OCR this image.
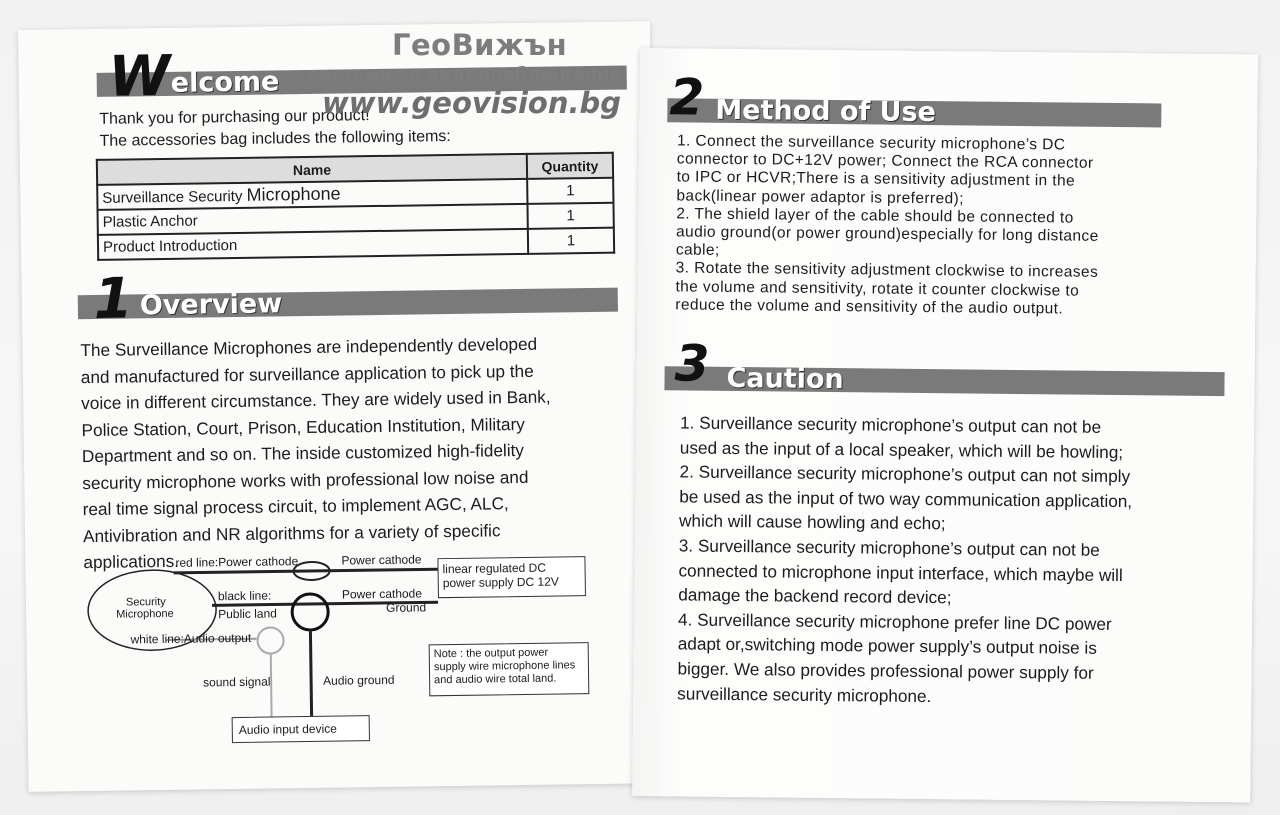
W elcome
Thank you for purchasing our product!
The accessories bag includes the following items:
Name	Quantity
Surveillance Security Microphone	1
Plastic Anchor	1
Product Introduction	1
1 Overview
The Surveillance Microphones are independently developed
and manufactured for surveillance application to pick up the
voice in different circumstance. They are widely used in Bank,
Police Station, Court, Prison, Education Institution, Military
Department and so on. The inside customized high-fidelity
security microphone works with professional low noise and
real time signal process circuit, to implement AGC, ALC,
Antivibration and NR algorithms for a variety of specific
applications.
Security
Microphone
red line:Power cathode	Power cathode
black line:
Public land
Power cathode
Ground
white line:Audio output
linear regulated DC
power supply DC 12V
sound signal	Audio ground
Note : the output power
supply wire microphone lines
and audio wire total land.
Audio input device
2 Method of Use
1. Connect the surveillance security microphone’s DC
connector to DC+12V power; Connect the RCA connector
to IPC or HCVR;There is a sensitivity adjustment in the
back(linear power adaptor is preferred);
2. The shield layer of the cable should be connected to
audio ground(or power ground)especially for long distance
cable;
3. Rotate the sensitivity adjustment clockwise to increases
the volume and sensitivity, rotate it counter clockwise to
reduce the volume and sensitivity of the audio output.
3 Caution
1. Surveillance security microphone’s output can not be
used as the input of a local speaker, which will be howling;
2. Surveillance security microphone’s output can not simply
be used as the input of two way communication application,
which will cause howling and echo;
3. Surveillance security microphone’s output can not be
connected to microphone input interface, which maybe will
damage the backend record device;
4. Surveillance security microphone prefer line DC power
adapt or,switching mode power supply’s output noise is
bigger. We also provides professional power supply for
surveillance security microphone.
ГеоВижън
системи за видеонаблюдение
www.geovision.bg
